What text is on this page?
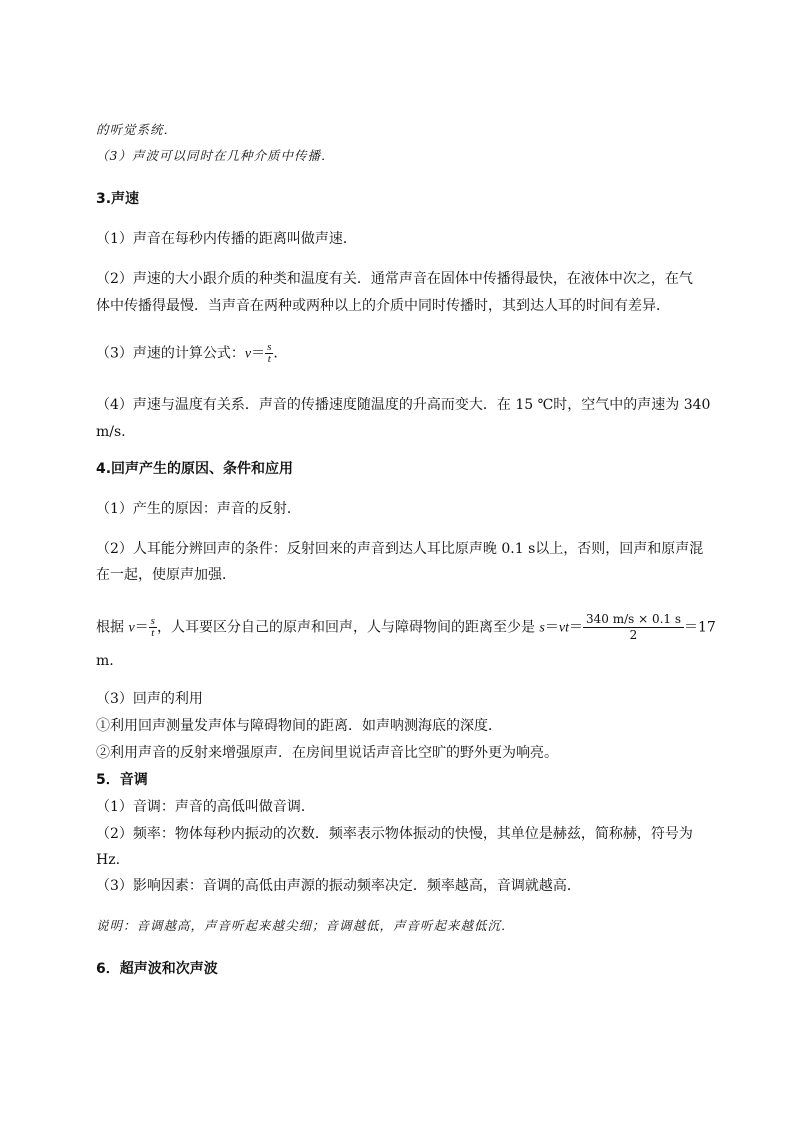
的听觉系统．
（3）声波可以同时在几种介质中传播．
3.声速
（1）声音在每秒内传播的距离叫做声速．
（2）声速的大小跟介质的种类和温度有关．通常声音在固体中传播得最快，在液体中次之，在气
体中传播得最慢．当声音在两种或两种以上的介质中同时传播时，其到达人耳的时间有差异．
（3）声速的计算公式：$v= \frac{s}{t}$ .
（4）声速与温度有关系．声音的传播速度随温度的升高而变大．在 15 ℃时，空气中的声速为 340
m/s.
4.回声产生的原因、条件和应用
（1）产生的原因：声音的反射．
（2）人耳能分辨回声的条件：反射回来的声音到达人耳比原声晚 0.1 s以上，否则，回声和原声混
在一起，使原声加强．
根据 $v= \frac{s}{t}$ ，人耳要区分自己的原声和回声，人与障碍物间的距离至少是 $s=vt= \frac{340 m/s \times 0.1 s}{2} =17$
m.
（3）回声的利用
①利用回声测量发声体与障碍物间的距离．如声呐测海底的深度．
②利用声音的反射来增强原声．在房间里说话声音比空旷的野外更为响亮。
5．音调
（1）音调：声音的高低叫做音调．
（2）频率：物体每秒内振动的次数．频率表示物体振动的快慢，其单位是赫兹，简称赫，符号为
Hz.
（3）影响因素：音调的高低由声源的振动频率决定．频率越高，音调就越高．
说明：音调越高，声音听起来越尖细；音调越低，声音听起来越低沉．
6．超声波和次声波
